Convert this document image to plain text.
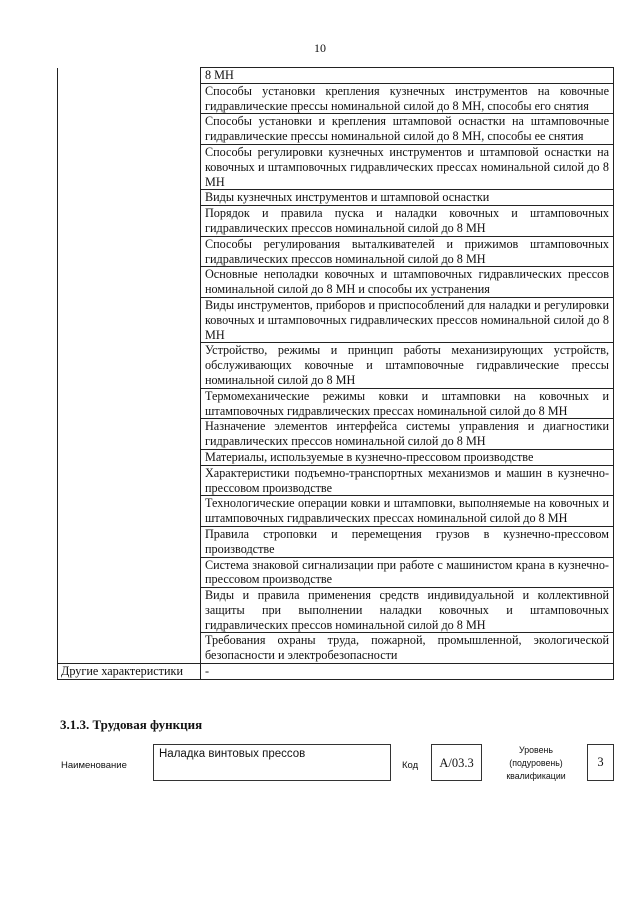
10
	8 МН
	Способы установки крепления кузнечных инструментов на ковочные гидравлические прессы номинальной силой до 8 МН, способы его снятия
	Способы установки и крепления штамповой оснастки на штамповочные гидравлические прессы номинальной силой до 8 МН, способы ее снятия
	Способы регулировки кузнечных инструментов и штамповой оснастки на ковочных и штамповочных гидравлических прессах номинальной силой до 8 МН
	Виды кузнечных инструментов и штамповой оснастки
	Порядок и правила пуска и наладки ковочных и штамповочных гидравлических прессов номинальной силой до 8 МН
	Способы регулирования выталкивателей и прижимов штамповочных гидравлических прессов номинальной силой до 8 МН
	Основные неполадки ковочных и штамповочных гидравлических прессов номинальной силой до 8 МН и способы их устранения
	Виды инструментов, приборов и приспособлений для наладки и регулировки ковочных и штамповочных гидравлических прессов номинальной силой до 8 МН
	Устройство, режимы и принцип работы механизирующих устройств, обслуживающих ковочные и штамповочные гидравлические прессы номинальной силой до 8 МН
	Термомеханические режимы ковки и штамповки на ковочных и штамповочных гидравлических прессах номинальной силой до 8 МН
	Назначение элементов интерфейса системы управления и диагностики гидравлических прессов номинальной силой до 8 МН
	Материалы, используемые в кузнечно-прессовом производстве
	Характеристики подъемно-транспортных механизмов и машин в кузнечно-прессовом производстве
	Технологические операции ковки и штамповки, выполняемые на ковочных и штамповочных гидравлических прессах номинальной силой до 8 МН
	Правила строповки и перемещения грузов в кузнечно-прессовом производстве
	Система знаковой сигнализации при работе с машинистом крана в кузнечно-прессовом производстве
	Виды и правила применения средств индивидуальной и коллективной защиты при выполнении наладки ковочных и штамповочных гидравлических прессов номинальной силой до 8 МН
	Требования охраны труда, пожарной, промышленной, экологической безопасности и электробезопасности
Другие характеристики	-
3.1.3. Трудовая функция
Наименование
Наладка винтовых прессов
Код	A/03.3
Уровень (подуровень) квалификации
3
